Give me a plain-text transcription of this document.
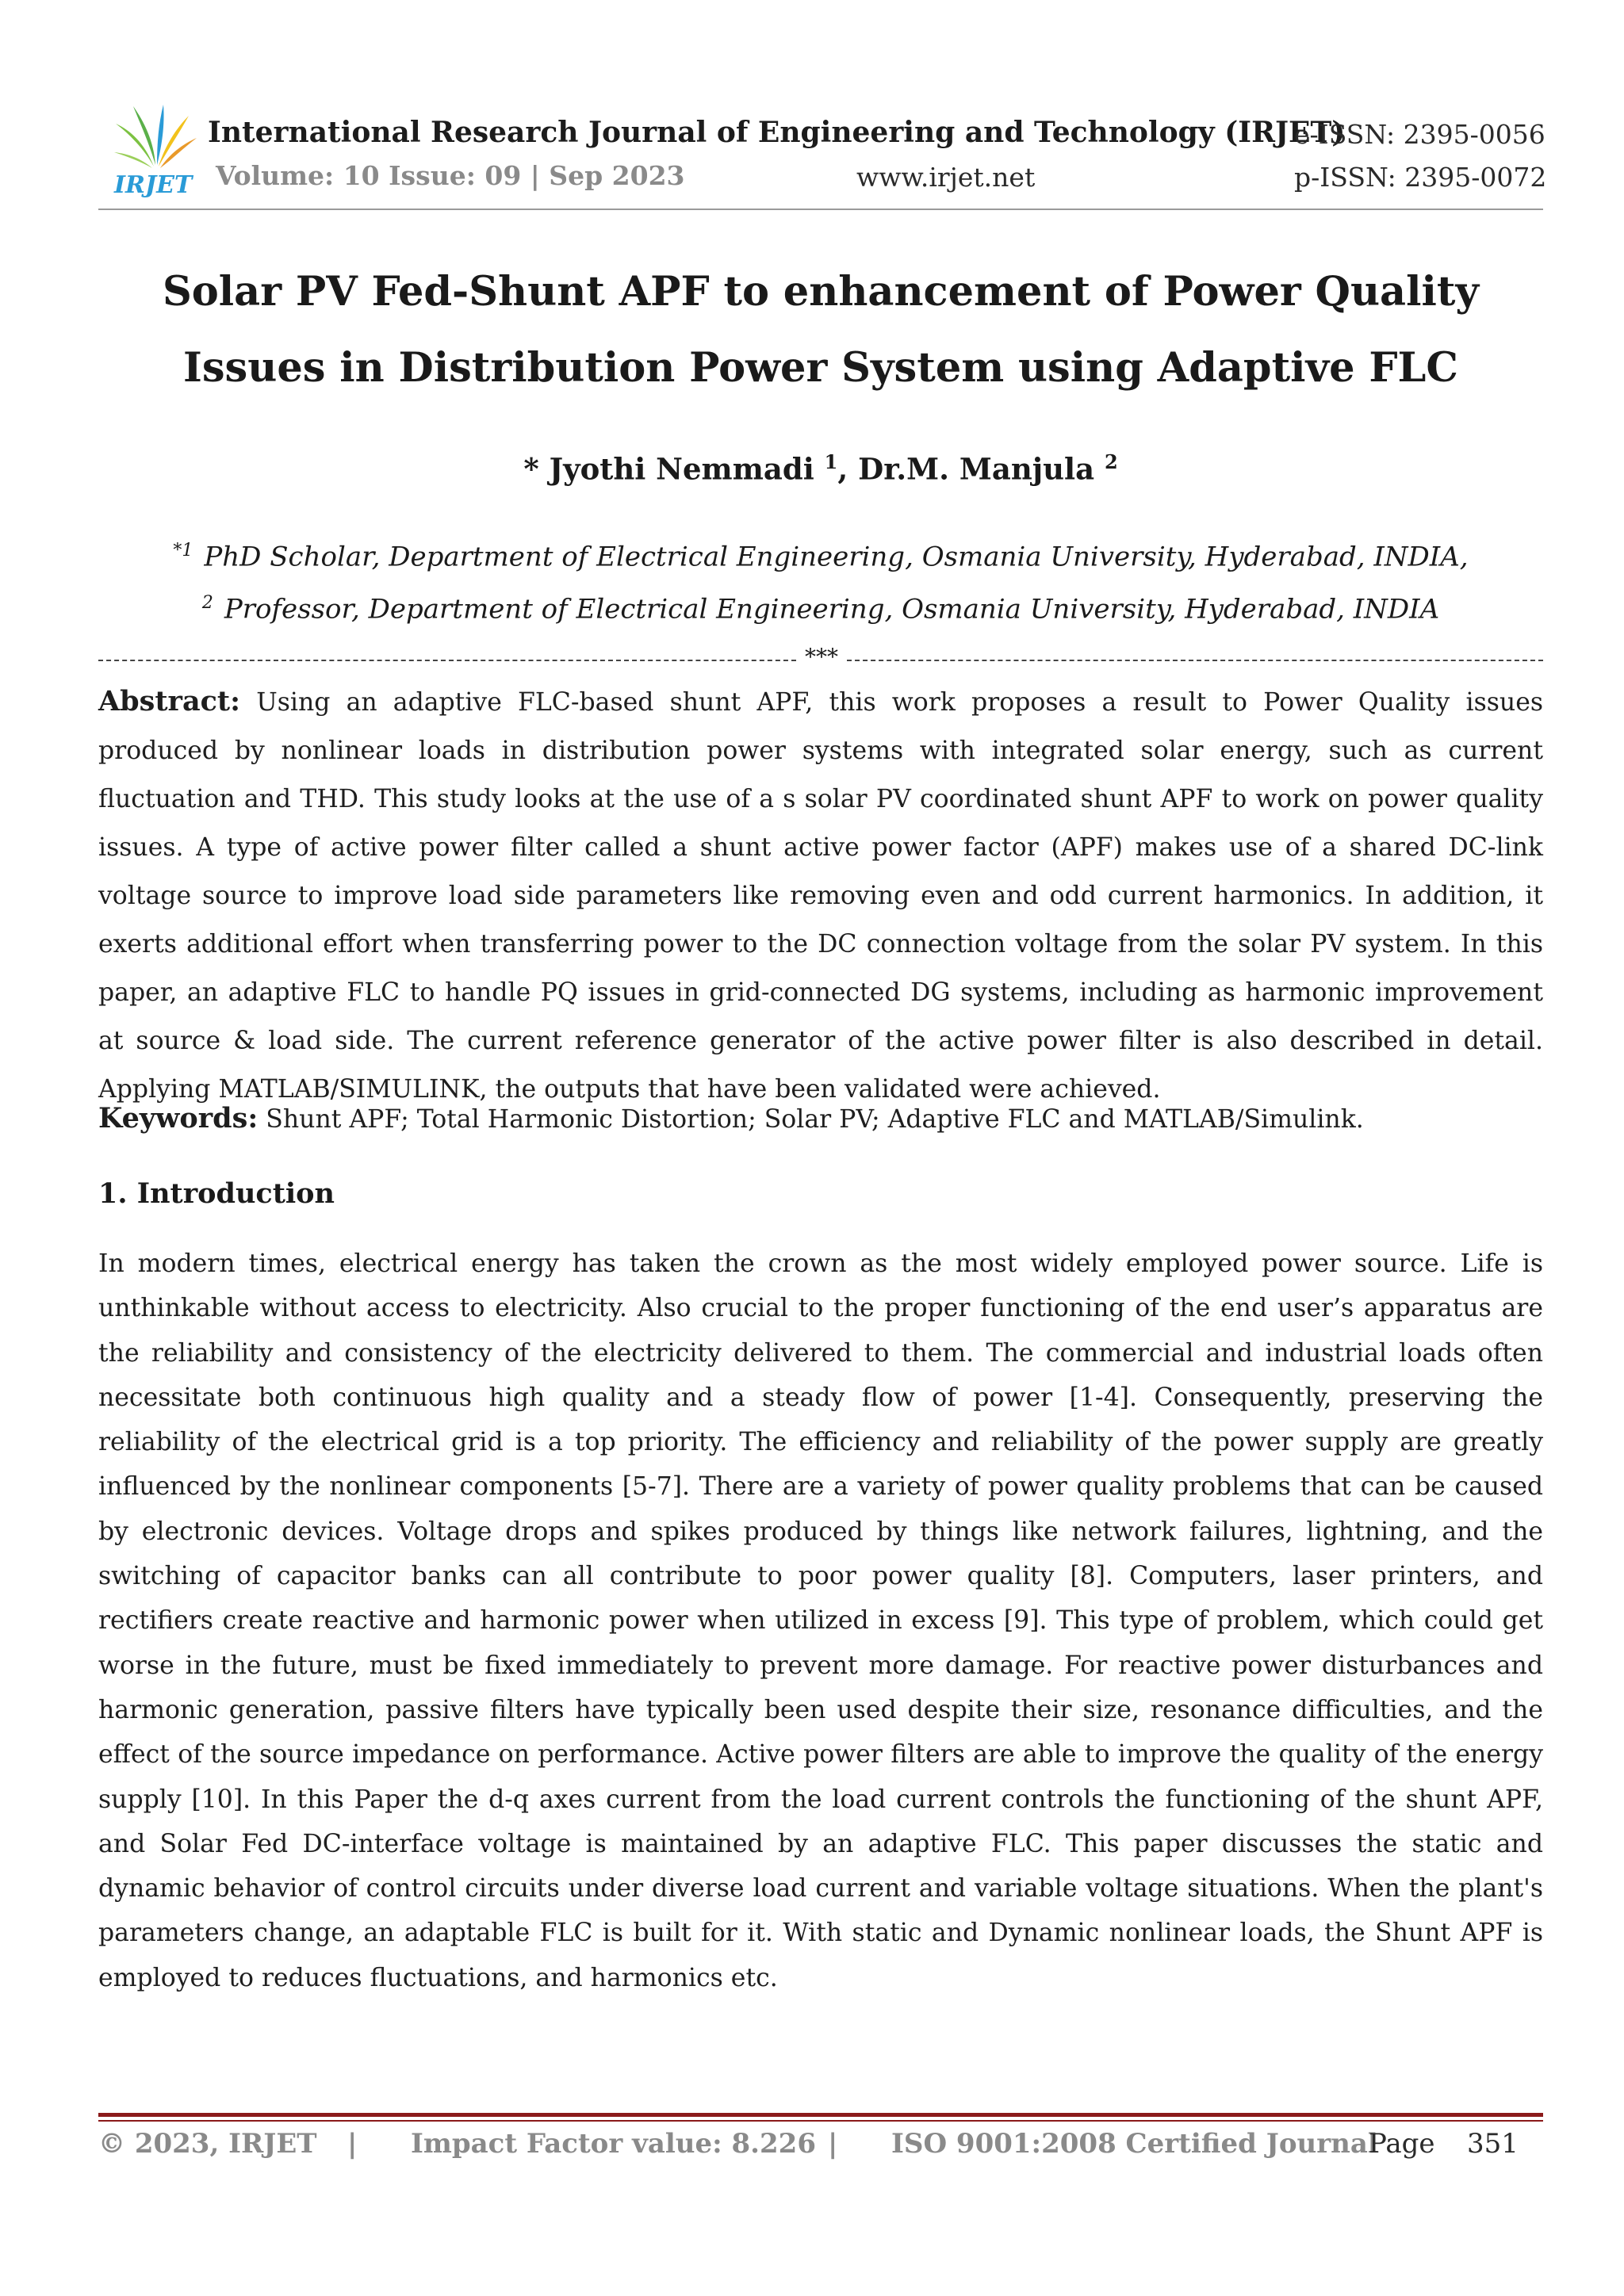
IRJET
International Research Journal of Engineering and Technology (IRJET)
Volume: 10 Issue: 09 | Sep 2023	www.irjet.net
e-ISSN: 2395-0056
p-ISSN: 2395-0072
Solar PV Fed-Shunt APF to enhancement of Power Quality Issues in Distribution Power System using Adaptive FLC
* Jyothi Nemmadi $^1$, Dr.M. Manjula $^2$
$^{*1}$ PhD Scholar, Department of Electrical Engineering, Osmania University, Hyderabad, INDIA,
$^2$ Professor, Department of Electrical Engineering, Osmania University, Hyderabad, INDIA
***
Abstract: Using an adaptive FLC-based shunt APF, this work proposes a result to Power Quality issues produced by nonlinear loads in distribution power systems with integrated solar energy, such as current fluctuation and THD. This study looks at the use of a s solar PV coordinated shunt APF to work on power quality issues. A type of active power filter called a shunt active power factor (APF) makes use of a shared DC-link voltage source to improve load side parameters like removing even and odd current harmonics. In addition, it exerts additional effort when transferring power to the DC connection voltage from the solar PV system. In this paper, an adaptive FLC to handle PQ issues in grid-connected DG systems, including as harmonic improvement at source & load side. The current reference generator of the active power filter is also described in detail. Applying MATLAB/SIMULINK, the outputs that have been validated were achieved.
Keywords: Shunt APF; Total Harmonic Distortion; Solar PV; Adaptive FLC and MATLAB/Simulink.
1. Introduction
In modern times, electrical energy has taken the crown as the most widely employed power source. Life is unthinkable without access to electricity. Also crucial to the proper functioning of the end user’s apparatus are the reliability and consistency of the electricity delivered to them. The commercial and industrial loads often necessitate both continuous high quality and a steady flow of power [1-4]. Consequently, preserving the reliability of the electrical grid is a top priority. The efficiency and reliability of the power supply are greatly influenced by the nonlinear components [5-7]. There are a variety of power quality problems that can be caused by electronic devices. Voltage drops and spikes produced by things like network failures, lightning, and the switching of capacitor banks can all contribute to poor power quality [8]. Computers, laser printers, and rectifiers create reactive and harmonic power when utilized in excess [9]. This type of problem, which could get worse in the future, must be fixed immediately to prevent more damage. For reactive power disturbances and harmonic generation, passive filters have typically been used despite their size, resonance difficulties, and the effect of the source impedance on performance. Active power filters are able to improve the quality of the energy supply [10]. In this Paper the d-q axes current from the load current controls the functioning of the shunt APF, and Solar Fed DC-interface voltage is maintained by an adaptive FLC. This paper discusses the static and dynamic behavior of control circuits under diverse load current and variable voltage situations. When the plant's parameters change, an adaptable FLC is built for it. With static and Dynamic nonlinear loads, the Shunt APF is employed to reduces fluctuations, and harmonics etc.
© 2023, IRJET | Impact Factor value: 8.226 | ISO 9001:2008 Certified Journal
Page 351
